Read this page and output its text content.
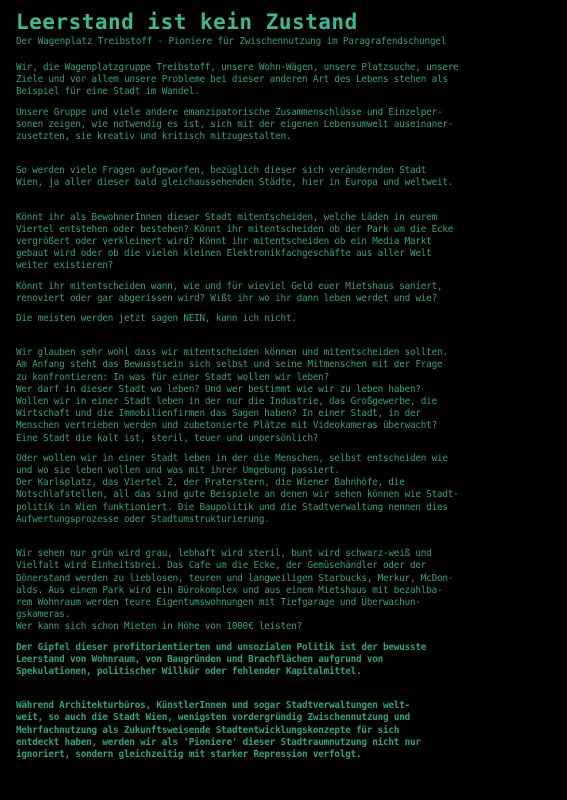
Leerstand ist kein Zustand

Der Wagenplatz Treibstoff - Pioniere für Zwischennutzung im Paragrafendschungel

Wir, die Wagenplatzgruppe Treibstoff, unsere Wohn-Wägen, unsere Platzsuche, unsere
Ziele und vor allem unsere Probleme bei dieser anderen Art des Lebens stehen als
Beispiel für eine Stadt im Wandel.

Unsere Gruppe und viele andere emanzipatorische Zusammenschlüsse und Einzelper-
sonen zeigen, wie notwendig es ist, sich mit der eigenen Lebensumwelt auseinaner-
zusetzten, sie kreativ und kritisch mitzugestalten.

So werden viele Fragen aufgeworfen, bezüglich dieser sich verändernden Stadt
Wien, ja aller dieser bald gleichaussehenden Städte, hier in Europa und weltweit.

Könnt ihr als BewohnerInnen dieser Stadt mitentscheiden, welche Läden in eurem
Viertel entstehen oder bestehen? Könnt ihr mitentscheiden ob der Park um die Ecke
vergrößert oder verkleinert wird? Könnt ihr mitentscheiden ob ein Media Markt
gebaut wird oder ob die vielen kleinen Elektronikfachgeschäfte aus aller Welt
weiter existieren?

Könnt ihr mitentscheiden wann, wie und für wieviel Geld euer Mietshaus saniert,
renoviert oder gar abgerissen wird? Wißt ihr wo ihr dann leben werdet und wie?

Die meisten werden jetzt sagen NEIN, kann ich nicht.

Wir glauben sehr wohl dass wir mitentscheiden können und mitentscheiden sollten.
Am Anfang steht das Bewusstsein sich selbst und seine Mitmenschen mit der Frage
zu konfrontieren: In was für einer Stadt wollen wir leben?
Wer darf in dieser Stadt wo leben? Und wer bestimmt wie wir zu leben haben?
Wollen wir in einer Stadt leben in der nur die Industrie, das Großgewerbe, die
Wirtschaft und die Immobilienfirmen das Sagen haben? In einer Stadt, in der
Menschen vertrieben werden und zubetonierte Plätze mit Videokameras überwacht?
Eine Stadt die kalt ist, steril, teuer und unpersönlich?

Oder wollen wir in einer Stadt leben in der die Menschen, selbst entscheiden wie
und wo sie leben wollen und was mit ihrer Umgebung passiert.
Der Karlsplatz, das Viertel 2, der Praterstern, die Wiener Bahnhöfe, die
Notschlafstellen, all das sind gute Beispiele an denen wir sehen können wie Stadt-
politik in Wien funktioniert. Die Baupolitik und die Stadtverwaltung nennen dies
Aufwertungsprozesse oder Stadtumstrukturierung.

Wir sehen nur grün wird grau, lebhaft wird steril, bunt wird schwarz-weiß und
Vielfalt wird Einheitsbrei. Das Cafe um die Ecke, der Gemüsehändler oder der
Dönerstand werden zu lieblosen, teuren und langweiligen Starbucks, Merkur, McDon-
alds. Aus einem Park wird ein Bürokomplex und aus einem Mietshaus mit bezahlba-
rem Wohnraum werden teure Eigentumswohnungen mit Tiefgarage und Überwachun-
gskameras.
Wer kann sich schon Mieten in Höhe von 1000€ leisten?

Der Gipfel dieser profitorientierten und unsozialen Politik ist der bewusste
Leerstand von Wohnraum, von Baugründen und Brachflächen aufgrund von
Spekulationen, politischer Willkür oder fehlender Kapitalmittel.

Während Architekturbüros, KünstlerInnen und sogar Stadtverwaltungen welt-
weit, so auch die Stadt Wien, wenigsten vordergründig Zwischennutzung und
Mehrfachnutzung als Zukunftsweisende Stadtentwicklungskonzepte für sich
entdeckt haben, werden wir als 'Pioniere' dieser Stadtraumnutzung nicht nur
ignoriert, sondern gleichzeitig mit starker Repression verfolgt.
